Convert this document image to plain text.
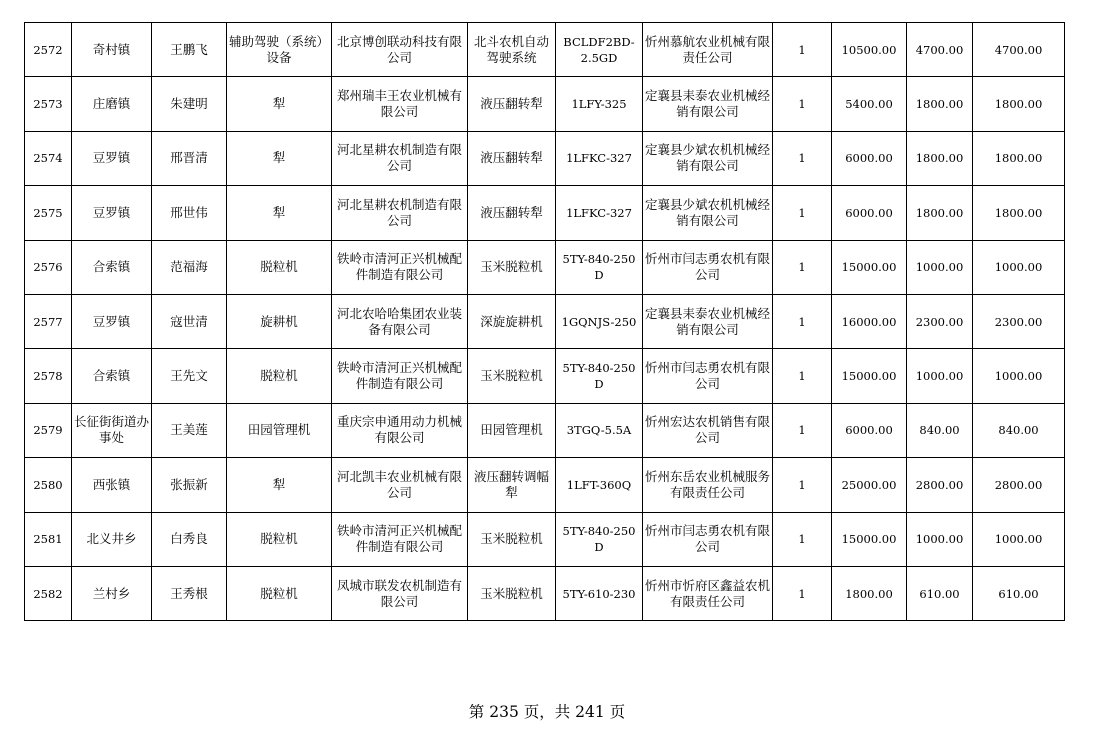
2572	奇村镇	王鹏飞	辅助驾驶（系统）设备	北京博创联动科技有限公司	北斗农机自动驾驶系统	BCLDF2BD-2.5GD	忻州慕航农业机械有限责任公司	1	10500.00	4700.00	4700.00
2573	庄磨镇	朱建明	犁	郑州瑞丰王农业机械有限公司	液压翻转犁	1LFY-325	定襄县耒泰农业机械经销有限公司	1	5400.00	1800.00	1800.00
2574	豆罗镇	邢晋清	犁	河北星耕农机制造有限公司	液压翻转犁	1LFKC-327	定襄县少斌农机机械经销有限公司	1	6000.00	1800.00	1800.00
2575	豆罗镇	邢世伟	犁	河北星耕农机制造有限公司	液压翻转犁	1LFKC-327	定襄县少斌农机机械经销有限公司	1	6000.00	1800.00	1800.00
2576	合索镇	范福海	脱粒机	铁岭市清河正兴机械配件制造有限公司	玉米脱粒机	5TY-840-250D	忻州市闫志勇农机有限公司	1	15000.00	1000.00	1000.00
2577	豆罗镇	寇世清	旋耕机	河北农哈哈集团农业装备有限公司	深旋旋耕机	1GQNJS-250	定襄县耒泰农业机械经销有限公司	1	16000.00	2300.00	2300.00
2578	合索镇	王先文	脱粒机	铁岭市清河正兴机械配件制造有限公司	玉米脱粒机	5TY-840-250D	忻州市闫志勇农机有限公司	1	15000.00	1000.00	1000.00
2579	长征街街道办事处	王美莲	田园管理机	重庆宗申通用动力机械有限公司	田园管理机	3TGQ-5.5A	忻州宏达农机销售有限公司	1	6000.00	840.00	840.00
2580	西张镇	张振新	犁	河北凯丰农业机械有限公司	液压翻转调幅犁	1LFT-360Q	忻州东岳农业机械服务有限责任公司	1	25000.00	2800.00	2800.00
2581	北义井乡	白秀良	脱粒机	铁岭市清河正兴机械配件制造有限公司	玉米脱粒机	5TY-840-250D	忻州市闫志勇农机有限公司	1	15000.00	1000.00	1000.00
2582	兰村乡	王秀根	脱粒机	凤城市联发农机制造有限公司	玉米脱粒机	5TY-610-230	忻州市忻府区鑫益农机有限责任公司	1	1800.00	610.00	610.00
第 235 页，共 241 页
